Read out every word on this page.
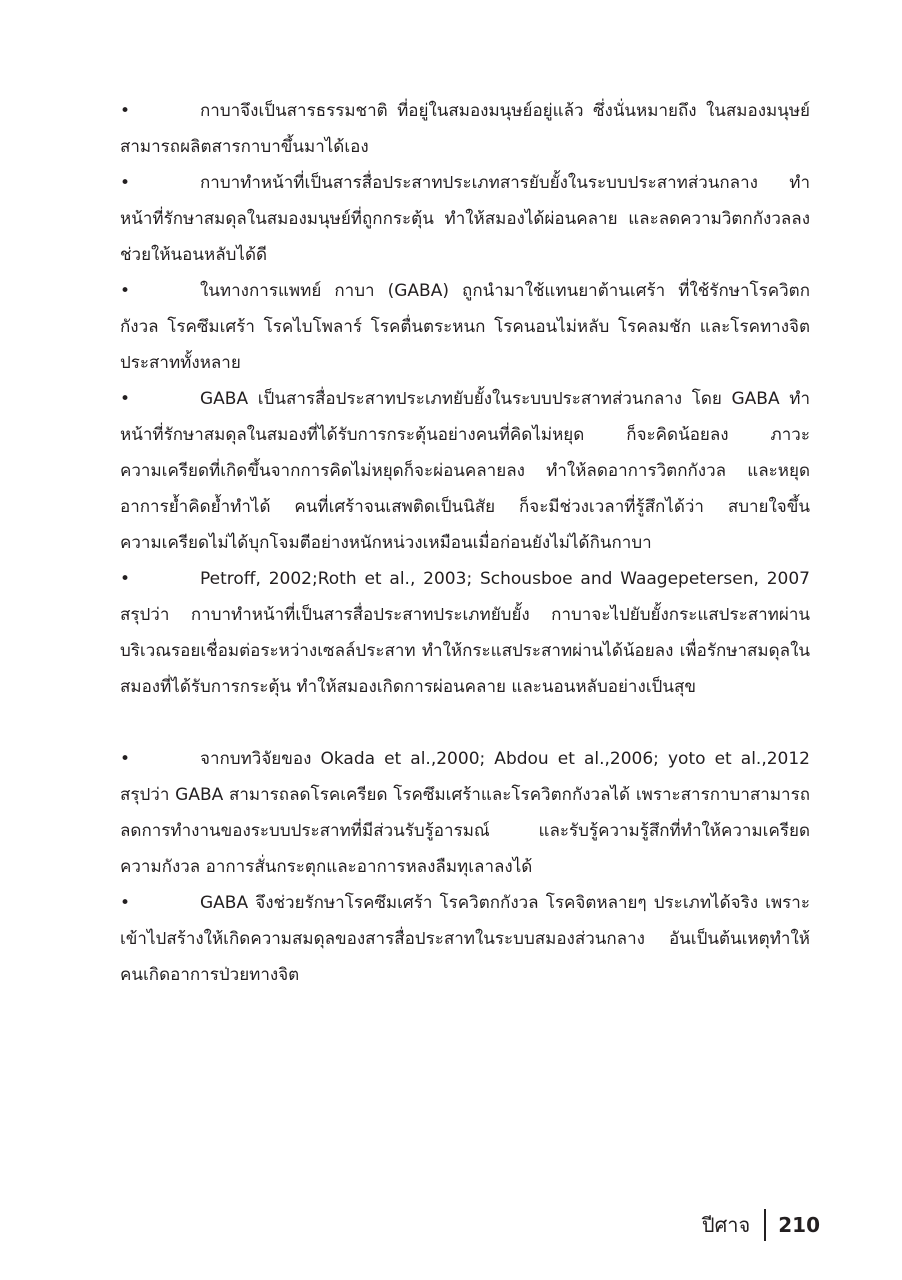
•	กาบาจึงเป็นสารธรรมชาติ ที่อยู่ในสมองมนุษย์อยู่แล้ว ซึ่งนั่นหมายถึง ในสมองมนุษย์สามารถผลิตสารกาบาขึ้นมาได้เอง

•	กาบาทำหน้าที่เป็นสารสื่อประสาทประเภทสารยับยั้งในระบบประสาทส่วนกลาง ทำหน้าที่รักษาสมดุลในสมองมนุษย์ที่ถูกกระตุ้น ทำให้สมองได้ผ่อนคลาย และลดความวิตกกังวลลง ช่วยให้นอนหลับได้ดี

•	ในทางการแพทย์ กาบา (GABA) ถูกนำมาใช้แทนยาต้านเศร้า ที่ใช้รักษาโรควิตกกังวล โรคซึมเศร้า โรคไบโพลาร์ โรคตื่นตระหนก โรคนอนไม่หลับ โรคลมชัก และโรคทางจิตประสาททั้งหลาย

•	GABA เป็นสารสื่อประสาทประเภทยับยั้งในระบบประสาทส่วนกลาง โดย GABA ทำหน้าที่รักษาสมดุลในสมองที่ได้รับการกระตุ้นอย่างคนที่คิดไม่หยุด ก็จะคิดน้อยลง ภาวะความเครียดที่เกิดขึ้นจากการคิดไม่หยุดก็จะผ่อนคลายลง ทำให้ลดอาการวิตกกังวล และหยุดอาการย้ำคิดย้ำทำได้ คนที่เศร้าจนเสพติดเป็นนิสัย ก็จะมีช่วงเวลาที่รู้สึกได้ว่า สบายใจขึ้น ความเครียดไม่ได้บุกโจมตีอย่างหนักหน่วงเหมือนเมื่อก่อนยังไม่ได้กินกาบา

•	Petroff, 2002;Roth et al., 2003; Schousboe and Waagepetersen, 2007 สรุปว่า กาบาทำหน้าที่เป็นสารสื่อประสาทประเภทยับยั้ง กาบาจะไปยับยั้งกระแสประสาทผ่านบริเวณรอยเชื่อมต่อระหว่างเซลล์ประสาท ทำให้กระแสประสาทผ่านได้น้อยลง เพื่อรักษาสมดุลในสมองที่ได้รับการกระตุ้น ทำให้สมองเกิดการผ่อนคลาย และนอนหลับอย่างเป็นสุข

•	จากบทวิจัยของ Okada et al.,2000; Abdou et al.,2006; yoto et al.,2012 สรุปว่า GABA สามารถลดโรคเครียด โรคซึมเศร้าและโรควิตกกังวลได้ เพราะสารกาบาสามารถลดการทำงานของระบบประสาทที่มีส่วนรับรู้อารมณ์ และรับรู้ความรู้สึกที่ทำให้ความเครียด ความกังวล อาการสั่นกระตุกและอาการหลงลืมทุเลาลงได้

•	GABA จึงช่วยรักษาโรคซึมเศร้า โรควิตกกังวล โรคจิตหลายๆ ประเภทได้จริง เพราะเข้าไปสร้างให้เกิดความสมดุลของสารสื่อประสาทในระบบสมองส่วนกลาง อันเป็นต้นเหตุทำให้คนเกิดอาการป่วยทางจิต

ปีศาจ 210
